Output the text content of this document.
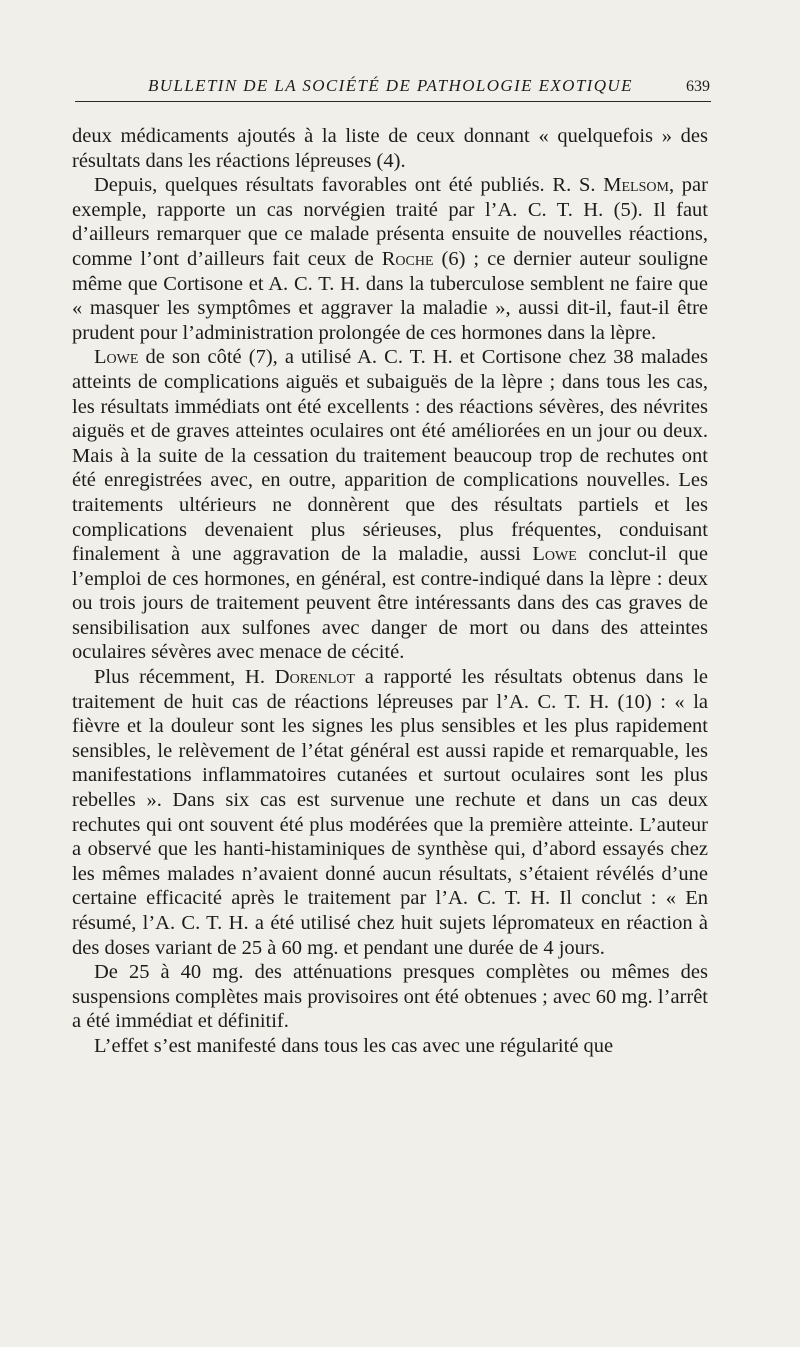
BULLETIN DE LA SOCIÉTÉ DE PATHOLOGIE EXOTIQUE	639

deux médicaments ajoutés à la liste de ceux donnant « quelquefois » des résultats dans les réactions lépreuses (4).

Depuis, quelques résultats favorables ont été publiés. R. S. Melsom, par exemple, rapporte un cas norvégien traité par l’A. C. T. H. (5). Il faut d’ailleurs remarquer que ce malade présenta ensuite de nouvelles réactions, comme l’ont d’ailleurs fait ceux de Roche (6) ; ce dernier auteur souligne même que Cortisone et A. C. T. H. dans la tuberculose semblent ne faire que « masquer les symptômes et aggraver la maladie », aussi dit-il, faut-il être prudent pour l’administration prolongée de ces hormones dans la lèpre.

Lowe de son côté (7), a utilisé A. C. T. H. et Cortisone chez 38 malades atteints de complications aiguës et subaiguës de la lèpre ; dans tous les cas, les résultats immédiats ont été excellents : des réactions sévères, des névrites aiguës et de graves atteintes oculaires ont été améliorées en un jour ou deux. Mais à la suite de la cessation du traitement beaucoup trop de rechutes ont été enregistrées avec, en outre, apparition de complications nouvelles. Les traitements ultérieurs ne donnèrent que des résultats partiels et les complications devenaient plus sérieuses, plus fréquentes, conduisant finalement à une aggravation de la maladie, aussi Lowe conclut-il que l’emploi de ces hormones, en général, est contre-indiqué dans la lèpre : deux ou trois jours de traitement peuvent être intéressants dans des cas graves de sensibilisation aux sulfones avec danger de mort ou dans des atteintes oculaires sévères avec menace de cécité.

Plus récemment, H. Dorenlot a rapporté les résultats obtenus dans le traitement de huit cas de réactions lépreuses par l’A. C. T. H. (10) : « la fièvre et la douleur sont les signes les plus sensibles et les plus rapidement sensibles, le relèvement de l’état général est aussi rapide et remarquable, les manifestations inflammatoires cutanées et surtout oculaires sont les plus rebelles ». Dans six cas est survenue une rechute et dans un cas deux rechutes qui ont souvent été plus modérées que la première atteinte. L’auteur a observé que les hanti-histaminiques de synthèse qui, d’abord essayés chez les mêmes malades n’avaient donné aucun résultats, s’étaient révélés d’une certaine efficacité après le traitement par l’A. C. T. H. Il conclut : « En résumé, l’A. C. T. H. a été utilisé chez huit sujets lépromateux en réaction à des doses variant de 25 à 60 mg. et pendant une durée de 4 jours.

De 25 à 40 mg. des atténuations presques complètes ou mêmes des suspensions complètes mais provisoires ont été obtenues ; avec 60 mg. l’arrêt a été immédiat et définitif.

L’effet s’est manifesté dans tous les cas avec une régularité que
